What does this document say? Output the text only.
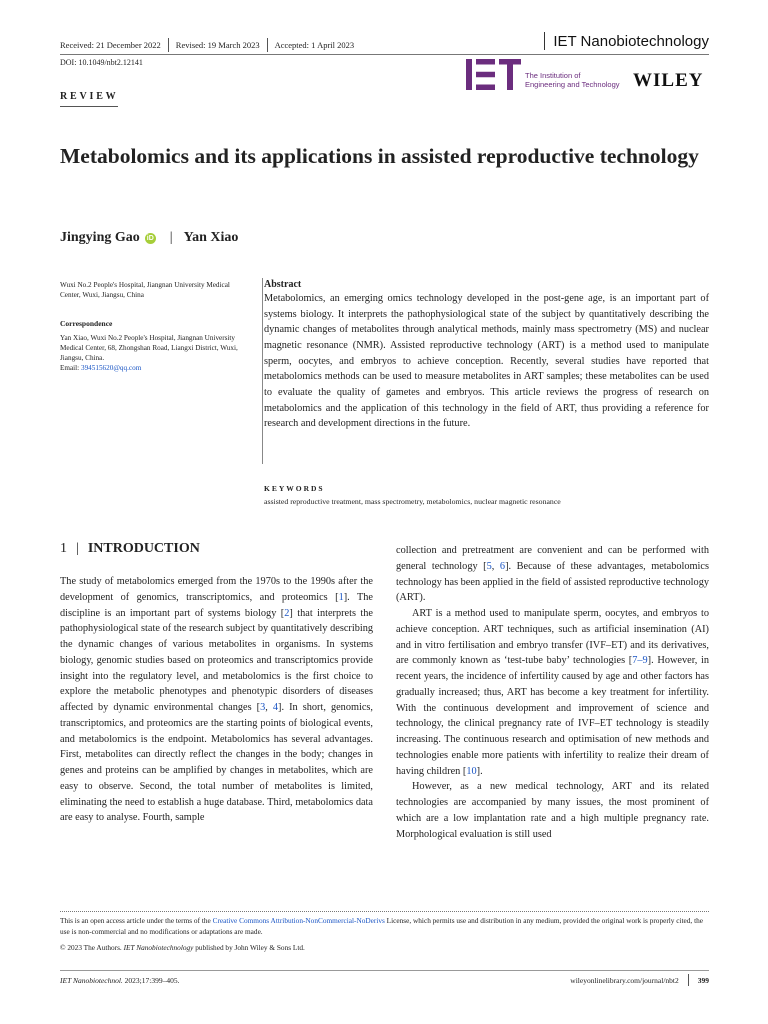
Received: 21 December 2022 Revised: 19 March 2023 Accepted: 1 April 2023	IET Nanobiotechnology
DOI: 10.1049/nbt2.12141
The Institution of
Engineering and Technology WILEY
REVIEW
Metabolomics and its applications in assisted reproductive technology
Jingying Gao iD | Yan Xiao
Wuxi No.2 People's Hospital, Jiangnan University Medical Center, Wuxi, Jiangsu, China
Correspondence
Yan Xiao, Wuxi No.2 People's Hospital, Jiangnan University Medical Center, 68, Zhongshan Road, Liangxi District, Wuxi, Jiangsu, China.
Email: 394515620@qq.com
Abstract
Metabolomics, an emerging omics technology developed in the post-gene age, is an important part of systems biology. It interprets the pathophysiological state of the subject by quantitatively describing the dynamic changes of metabolites through analytical methods, mainly mass spectrometry (MS) and nuclear magnetic resonance (NMR). Assisted reproductive technology (ART) is a method used to manipulate sperm, oocytes, and embryos to achieve conception. Recently, several studies have reported that metabolomics methods can be used to measure metabolites in ART samples; these metabolites can be used to evaluate the quality of gametes and embryos. This article reviews the progress of research on metabolomics and the application of this technology in the field of ART, thus providing a reference for research and development directions in the future.
KEYWORDS
assisted reproductive treatment, mass spectrometry, metabolomics, nuclear magnetic resonance
1 | INTRODUCTION

The study of metabolomics emerged from the 1970s to the 1990s after the development of genomics, transcriptomics, and proteomics [1]. The discipline is an important part of systems biology [2] that interprets the pathophysiological state of the research subject by quantitatively describing the dynamic changes of various metabolites in organisms. In systems biology, genomic studies based on proteomics and transcriptomics provide insight into the regulatory level, and metabolomics is the first choice to explore the metabolic phenotypes and phenotypic disorders of diseases affected by dynamic environmental changes [3, 4]. In short, genomics, transcriptomics, and proteomics are the starting points of biological events, and metabolomics is the endpoint. Metabolomics has several advantages. First, metabolites can directly reflect the changes in the body; changes in genes and proteins can be amplified by changes in metabolites, which are easy to observe. Second, the total number of metabolites is limited, eliminating the need to establish a huge database. Third, metabolomics data are easy to analyse. Fourth, sample

collection and pretreatment are convenient and can be performed with general technology [5, 6]. Because of these advantages, metabolomics technology has been applied in the field of assisted reproductive technology (ART).

ART is a method used to manipulate sperm, oocytes, and embryos to achieve conception. ART techniques, such as artificial insemination (AI) and in vitro fertilisation and embryo transfer (IVF–ET) and its derivatives, are commonly known as ‘test-tube baby’ technologies [7–9]. However, in recent years, the incidence of infertility caused by age and other factors has gradually increased; thus, ART has become a key treatment for infertility. With the continuous development and improvement of science and technology, the clinical pregnancy rate of IVF–ET technology is steadily increasing. The continuous research and optimisation of new methods and technologies enable more patients with infertility to realize their dream of having children [10].

However, as a new medical technology, ART and its related technologies are accompanied by many issues, the most prominent of which are a low implantation rate and a high multiple pregnancy rate. Morphological evaluation is still used

This is an open access article under the terms of the Creative Commons Attribution-NonCommercial-NoDerivs License, which permits use and distribution in any medium, provided the original work is properly cited, the use is non-commercial and no modifications or adaptations are made.
© 2023 The Authors. IET Nanobiotechnology published by John Wiley & Sons Ltd.
IET Nanobiotechnol. 2023;17:399–405.	wileyonlinelibrary.com/journal/nbt2	399
